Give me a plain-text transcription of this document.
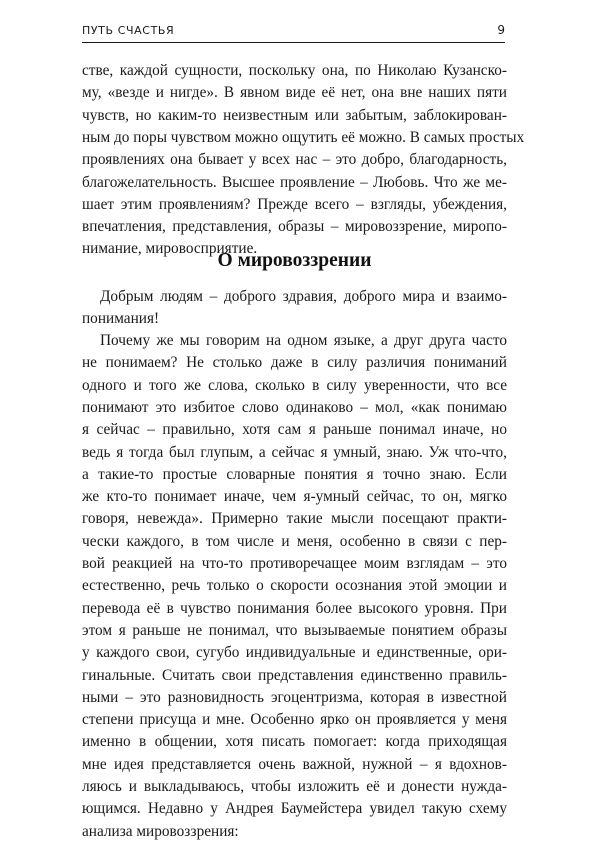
ПУТЬ СЧАСТЬЯ	9
стве, каждой сущности, поскольку она, по Николаю Кузанско-
му, «везде и нигде». В явном виде её нет, она вне наших пяти
чувств, но каким-то неизвестным или забытым, заблокирован-
ным до поры чувством можно ощутить её можно. В самых простых
проявлениях она бывает у всех нас – это добро, благодарность,
благожелательность. Высшее проявление – Любовь. Что же ме-
шает этим проявлениям? Прежде всего – взгляды, убеждения,
впечатления, представления, образы – мировоззрение, миропо-
нимание, мировосприятие.
Добрым людям – доброго здравия, доброго мира и взаимо-
понимания!
Почему же мы говорим на одном языке, а друг друга часто
не понимаем? Не столько даже в силу различия пониманий
одного и того же слова, сколько в силу уверенности, что все
понимают это избитое слово одинаково – мол, «как понимаю
я сейчас – правильно, хотя сам я раньше понимал иначе, но
ведь я тогда был глупым, а сейчас я умный, знаю. Уж что-что,
а такие-то простые словарные понятия я точно знаю. Если
же кто-то понимает иначе, чем я-умный сейчас, то он, мягко
говоря, невежда». Примерно такие мысли посещают практи-
чески каждого, в том числе и меня, особенно в связи с пер-
вой реакцией на что-то противоречащее моим взглядам – это
естественно, речь только о скорости осознания этой эмоции и
перевода её в чувство понимания более высокого уровня. При
этом я раньше не понимал, что вызываемые понятием образы
у каждого свои, сугубо индивидуальные и единственные, ори-
гинальные. Считать свои представления единственно правиль-
ными – это разновидность эгоцентризма, которая в известной
степени присуща и мне. Особенно ярко он проявляется у меня
именно в общении, хотя писать помогает: когда приходящая
мне идея представляется очень важной, нужной – я вдохнов-
ляюсь и выкладываюсь, чтобы изложить её и донести нужда-
ющимся. Недавно у Андрея Баумейстера увидел такую схему
анализа мировоззрения:
О мировоззрении
